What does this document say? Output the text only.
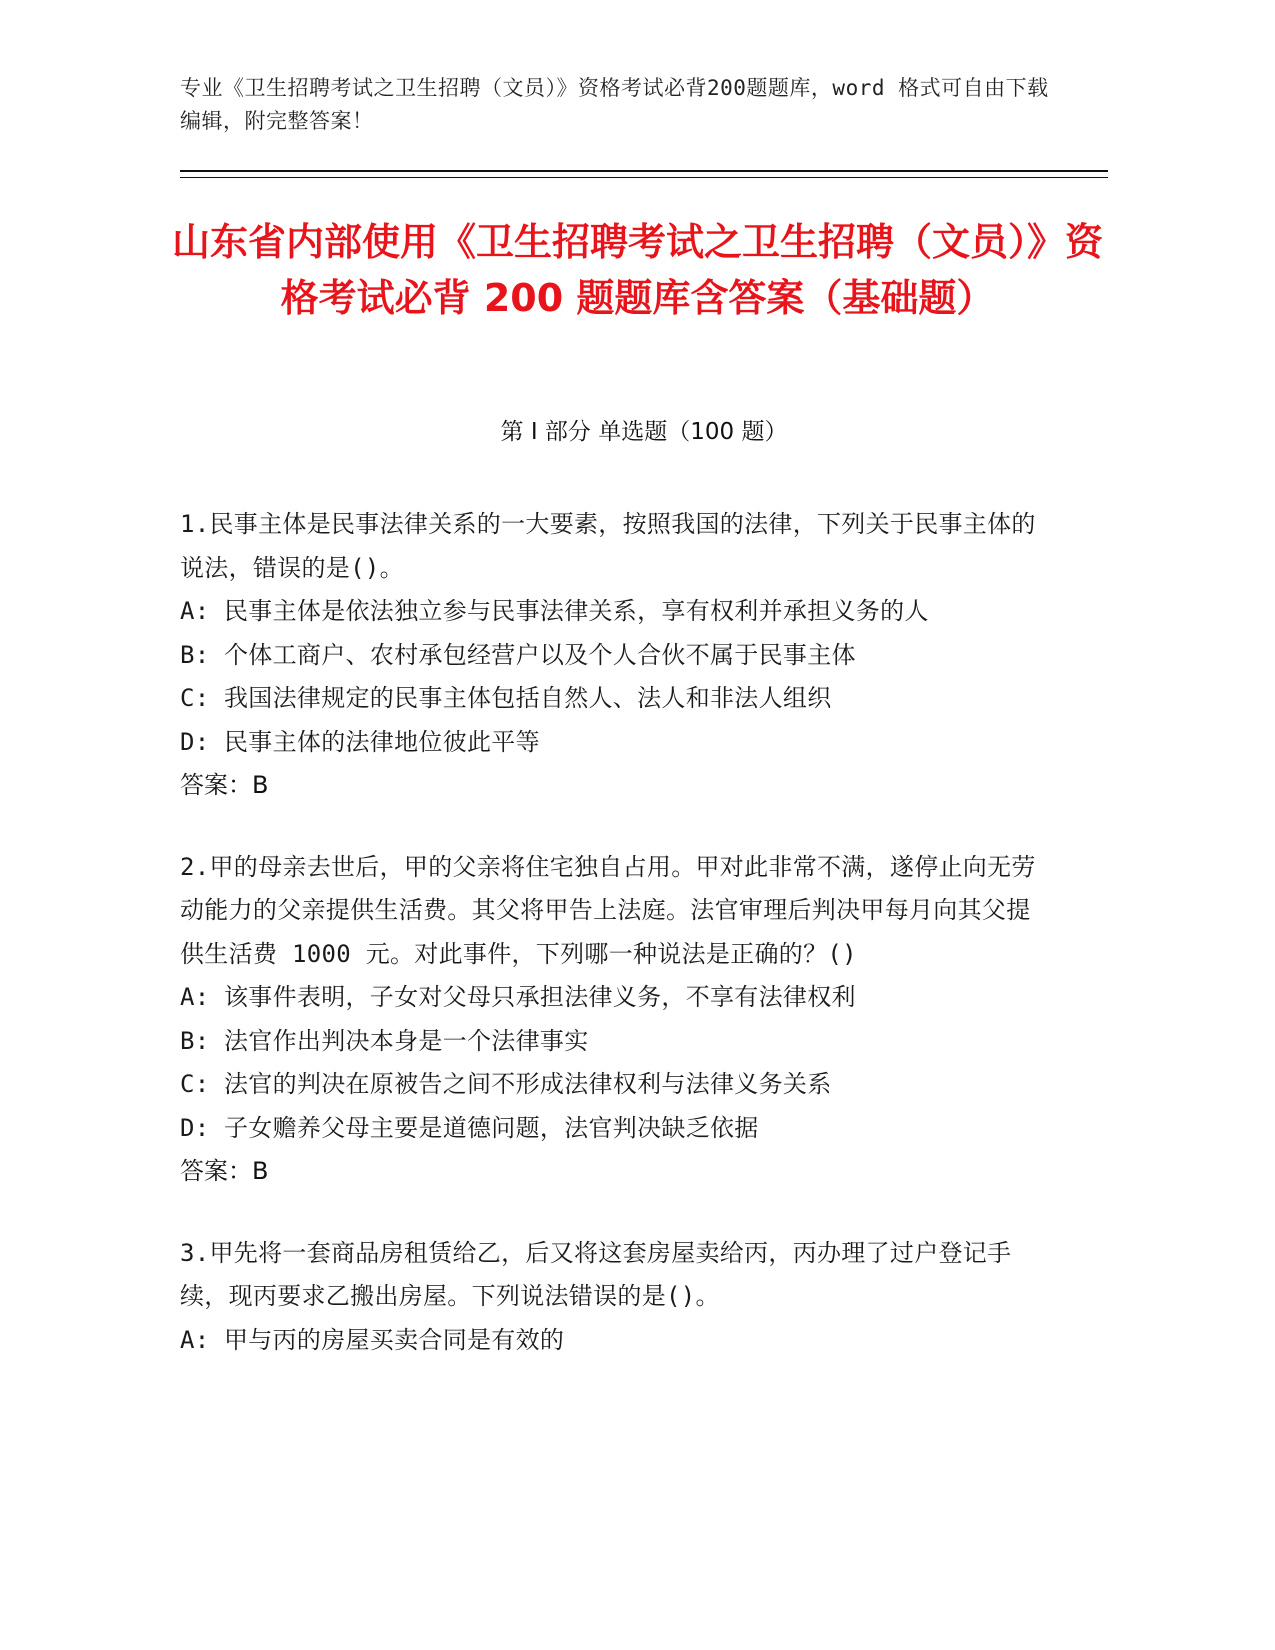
专业《卫生招聘考试之卫生招聘（文员）》资格考试必背200题题库，word 格式可自由下载编辑，附完整答案！
山东省内部使用《卫生招聘考试之卫生招聘（文员）》资格考试必背 200 题题库含答案（基础题）
第 I 部分 单选题（100 题）
1.民事主体是民事法律关系的一大要素，按照我国的法律，下列关于民事主体的说法，错误的是()。
A: 民事主体是依法独立参与民事法律关系，享有权利并承担义务的人
B: 个体工商户、农村承包经营户以及个人合伙不属于民事主体
C: 我国法律规定的民事主体包括自然人、法人和非法人组织
D: 民事主体的法律地位彼此平等
答案：B
2.甲的母亲去世后，甲的父亲将住宅独自占用。甲对此非常不满，遂停止向无劳动能力的父亲提供生活费。其父将甲告上法庭。法官审理后判决甲每月向其父提供生活费 1000 元。对此事件，下列哪一种说法是正确的？()
A: 该事件表明，子女对父母只承担法律义务，不享有法律权利
B: 法官作出判决本身是一个法律事实
C: 法官的判决在原被告之间不形成法律权利与法律义务关系
D: 子女赡养父母主要是道德问题，法官判决缺乏依据
答案：B
3.甲先将一套商品房租赁给乙，后又将这套房屋卖给丙，丙办理了过户登记手续，现丙要求乙搬出房屋。下列说法错误的是()。
A: 甲与丙的房屋买卖合同是有效的
